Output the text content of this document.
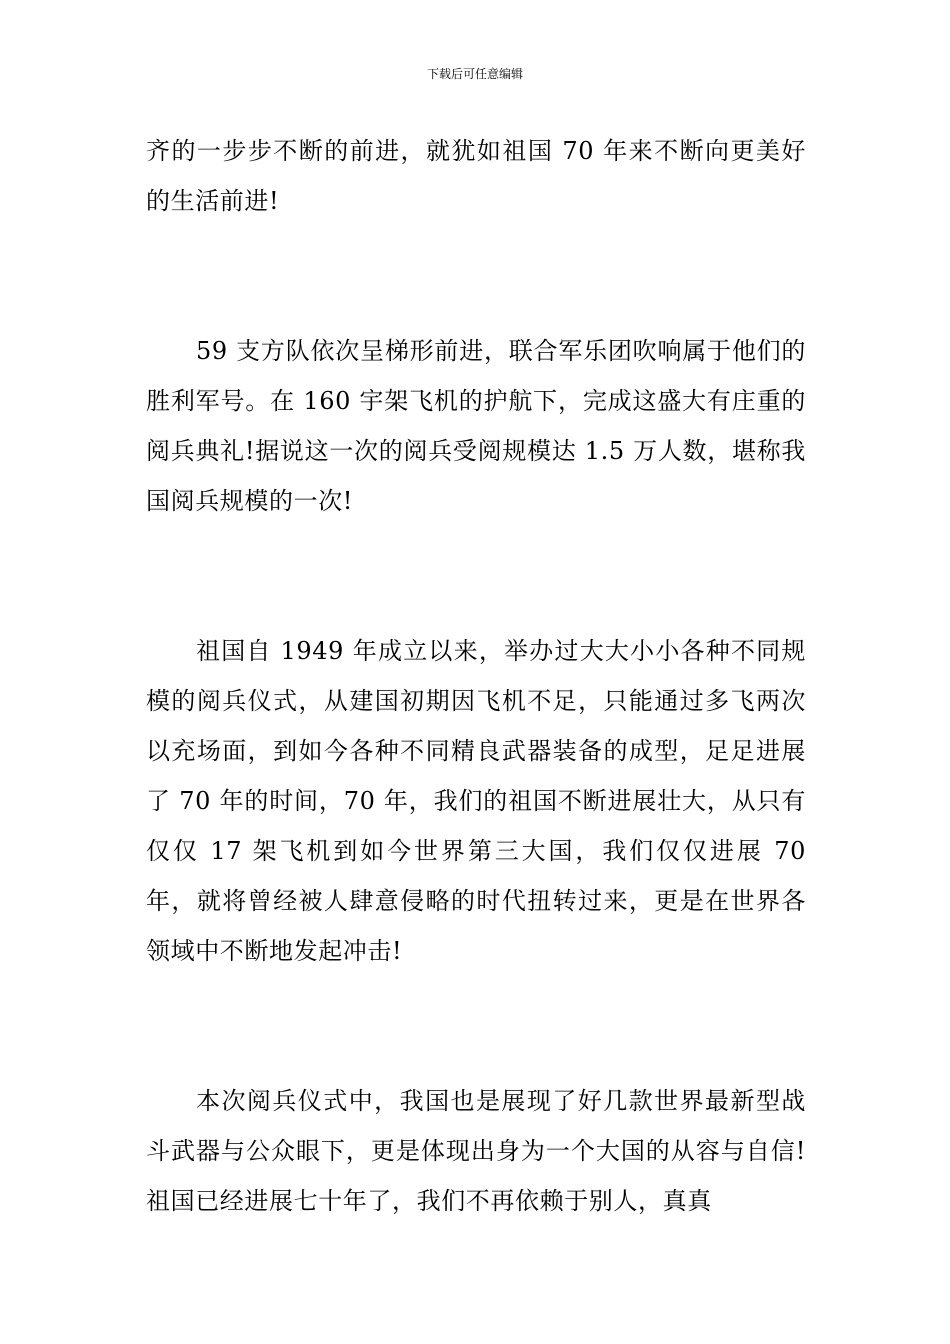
下载后可任意编辑

齐的一步步不断的前进，就犹如祖国 70 年来不断向更美好的生活前进!

59 支方队依次呈梯形前进，联合军乐团吹响属于他们的胜利军号。在 160 宇架飞机的护航下，完成这盛大有庄重的阅兵典礼!据说这一次的阅兵受阅规模达 1.5 万人数，堪称我国阅兵规模的一次!

祖国自 1949 年成立以来，举办过大大小小各种不同规模的阅兵仪式，从建国初期因飞机不足，只能通过多飞两次以充场面，到如今各种不同精良武器装备的成型，足足进展了 70 年的时间，70 年，我们的祖国不断进展壮大，从只有仅仅 17 架飞机到如今世界第三大国，我们仅仅进展 70 年，就将曾经被人肆意侵略的时代扭转过来，更是在世界各领域中不断地发起冲击!

本次阅兵仪式中，我国也是展现了好几款世界最新型战斗武器与公众眼下，更是体现出身为一个大国的从容与自信!祖国已经进展七十年了，我们不再依赖于别人，真真
